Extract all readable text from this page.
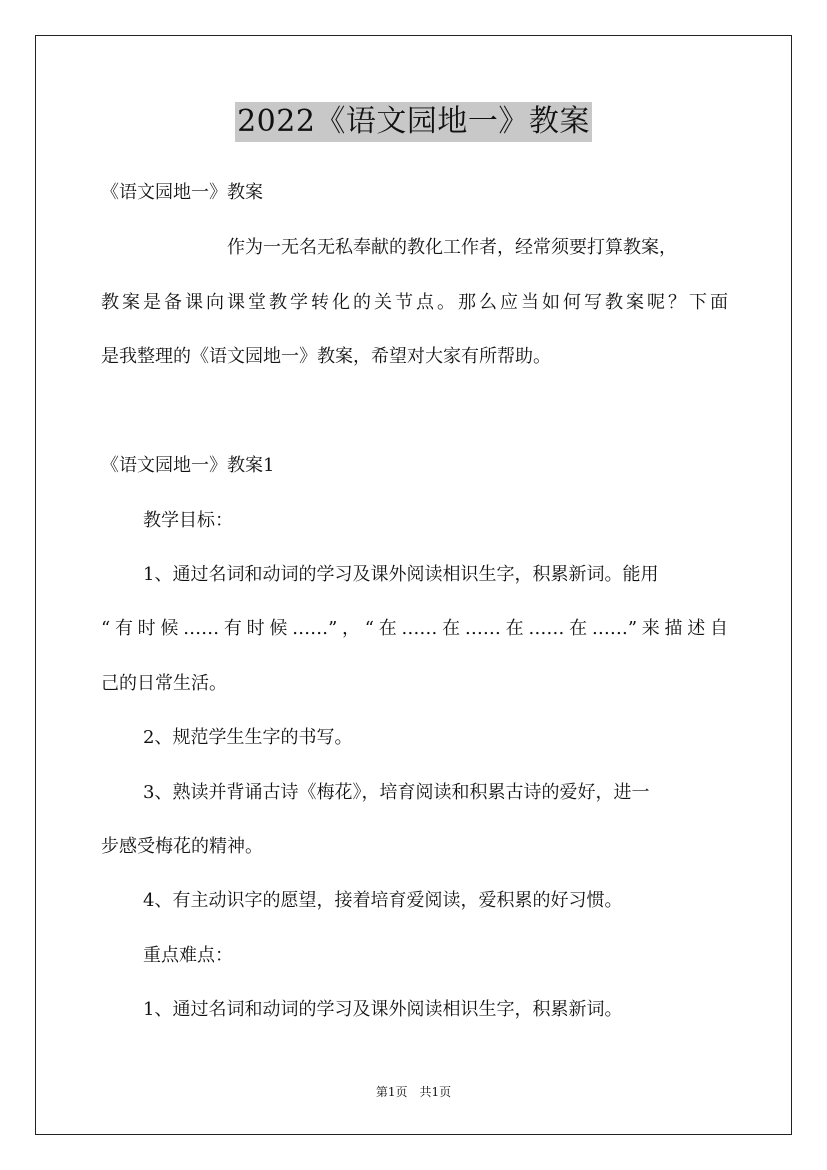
2022《语文园地一》教案
《语文园地一》教案
作为一无名无私奉献的教化工作者，经常须要打算教案，
教案是备课向课堂教学转化的关节点。那么应当如何写教案呢？下面
是我整理的《语文园地一》教案，希望对大家有所帮助。
《语文园地一》教案1
教学目标：
1、通过名词和动词的学习及课外阅读相识生字，积累新词。能用
“有时候……有时候……”，“在……在……在……在……”来描述自
己的日常生活。
2、规范学生生字的书写。
3、熟读并背诵古诗《梅花》，培育阅读和积累古诗的爱好，进一
步感受梅花的精神。
4、有主动识字的愿望，接着培育爱阅读，爱积累的好习惯。
重点难点：
1、通过名词和动词的学习及课外阅读相识生字，积累新词。
第1页 共1页
